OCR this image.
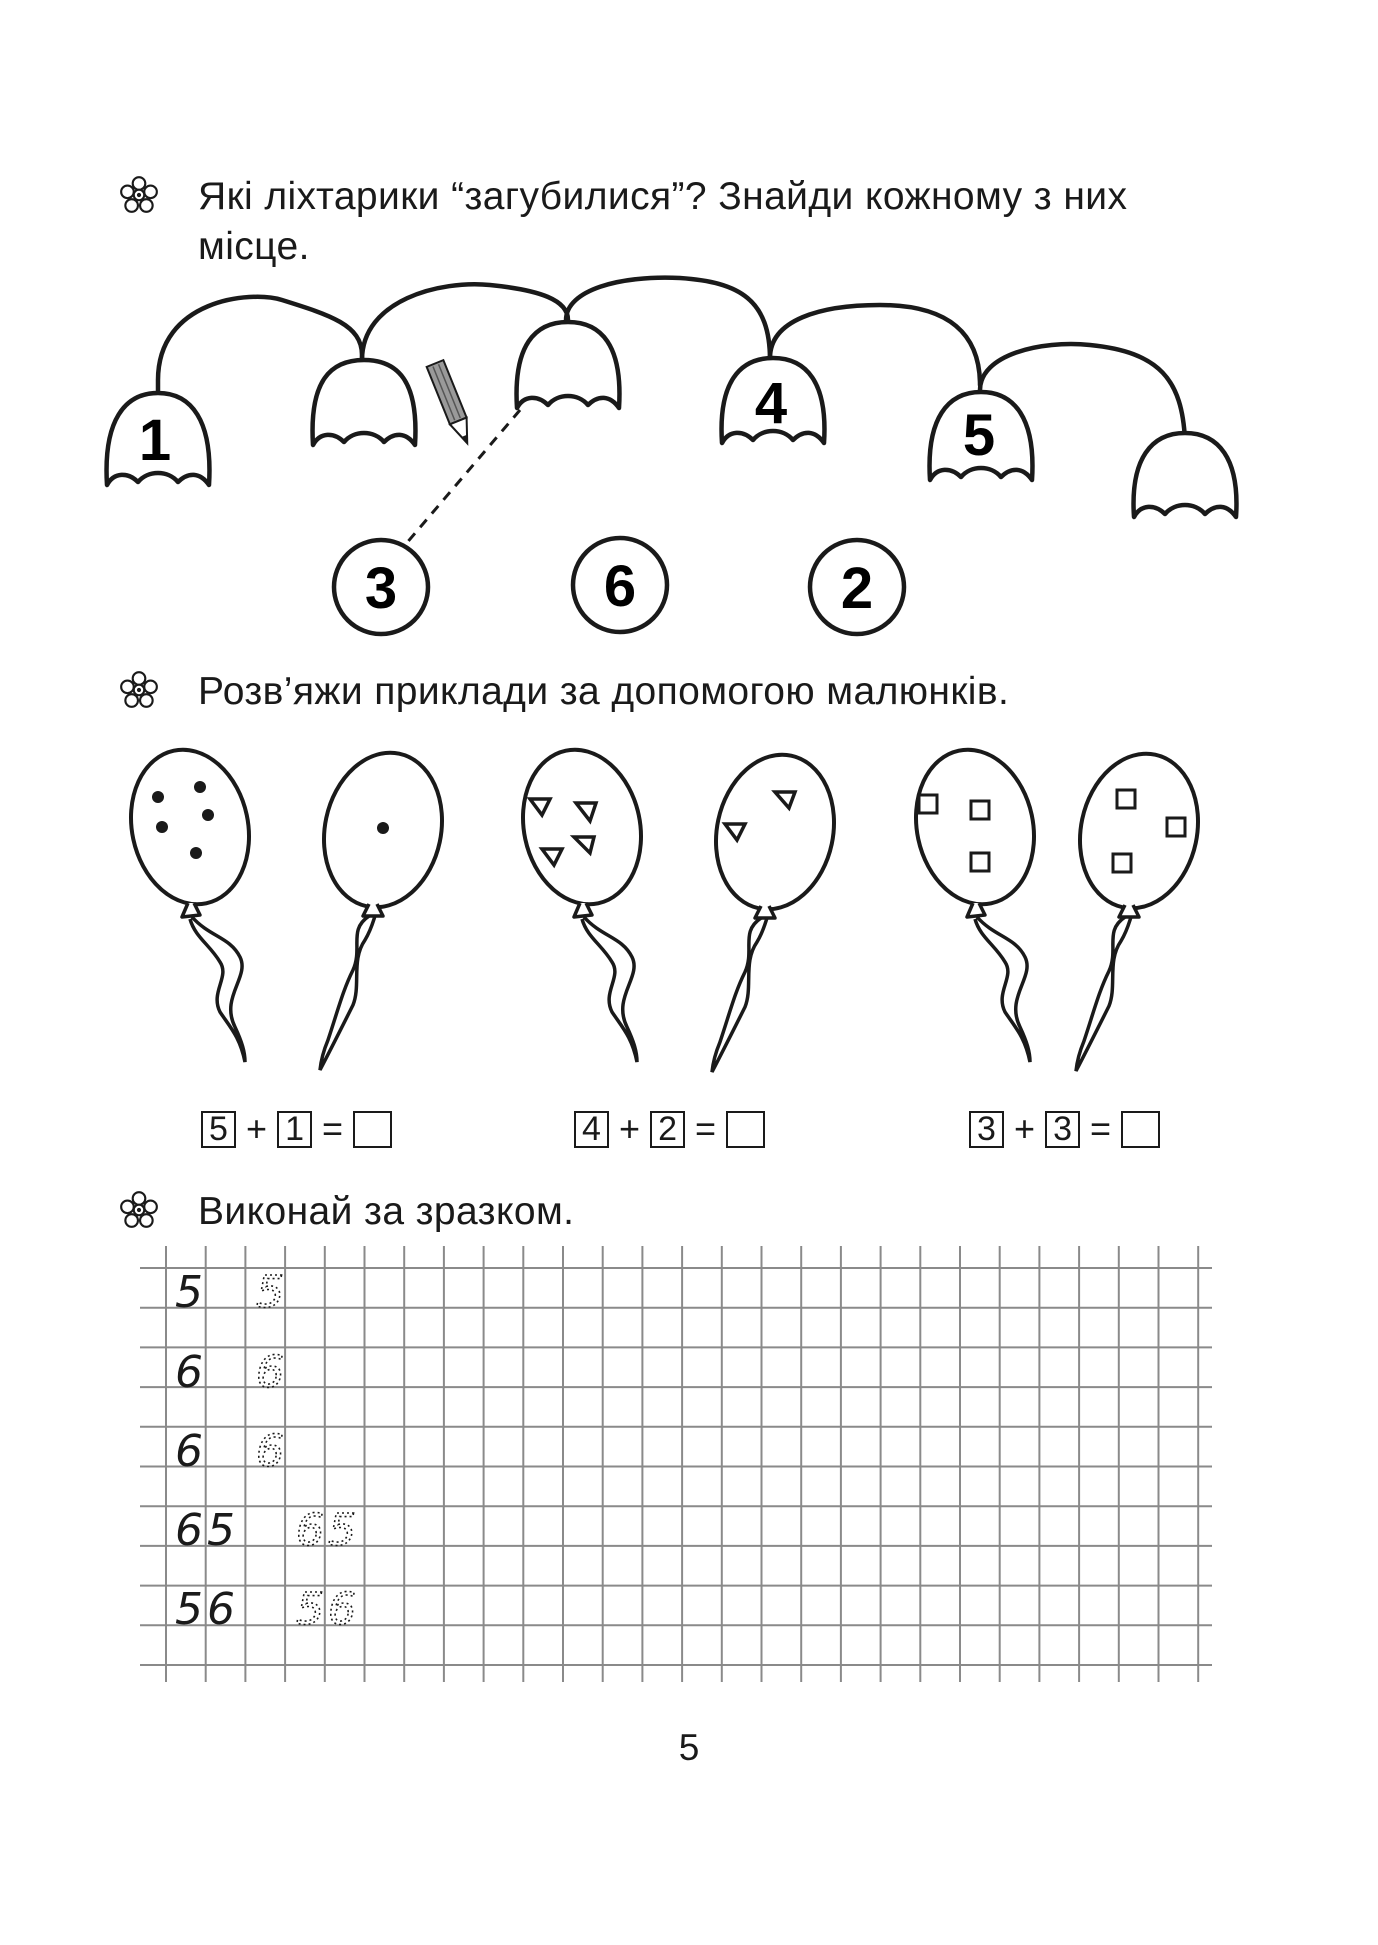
Які ліхтарики “загубилися”? Знайди кожному з них місце.
1
4	5
3	6	2
Розв’яжи приклади за допомогою малюнків.
5 + 1 =	4 + 2 =	3 + 3 =
Виконай за зразком.
5 5
6 6
6 6
65 65
56 56
5
